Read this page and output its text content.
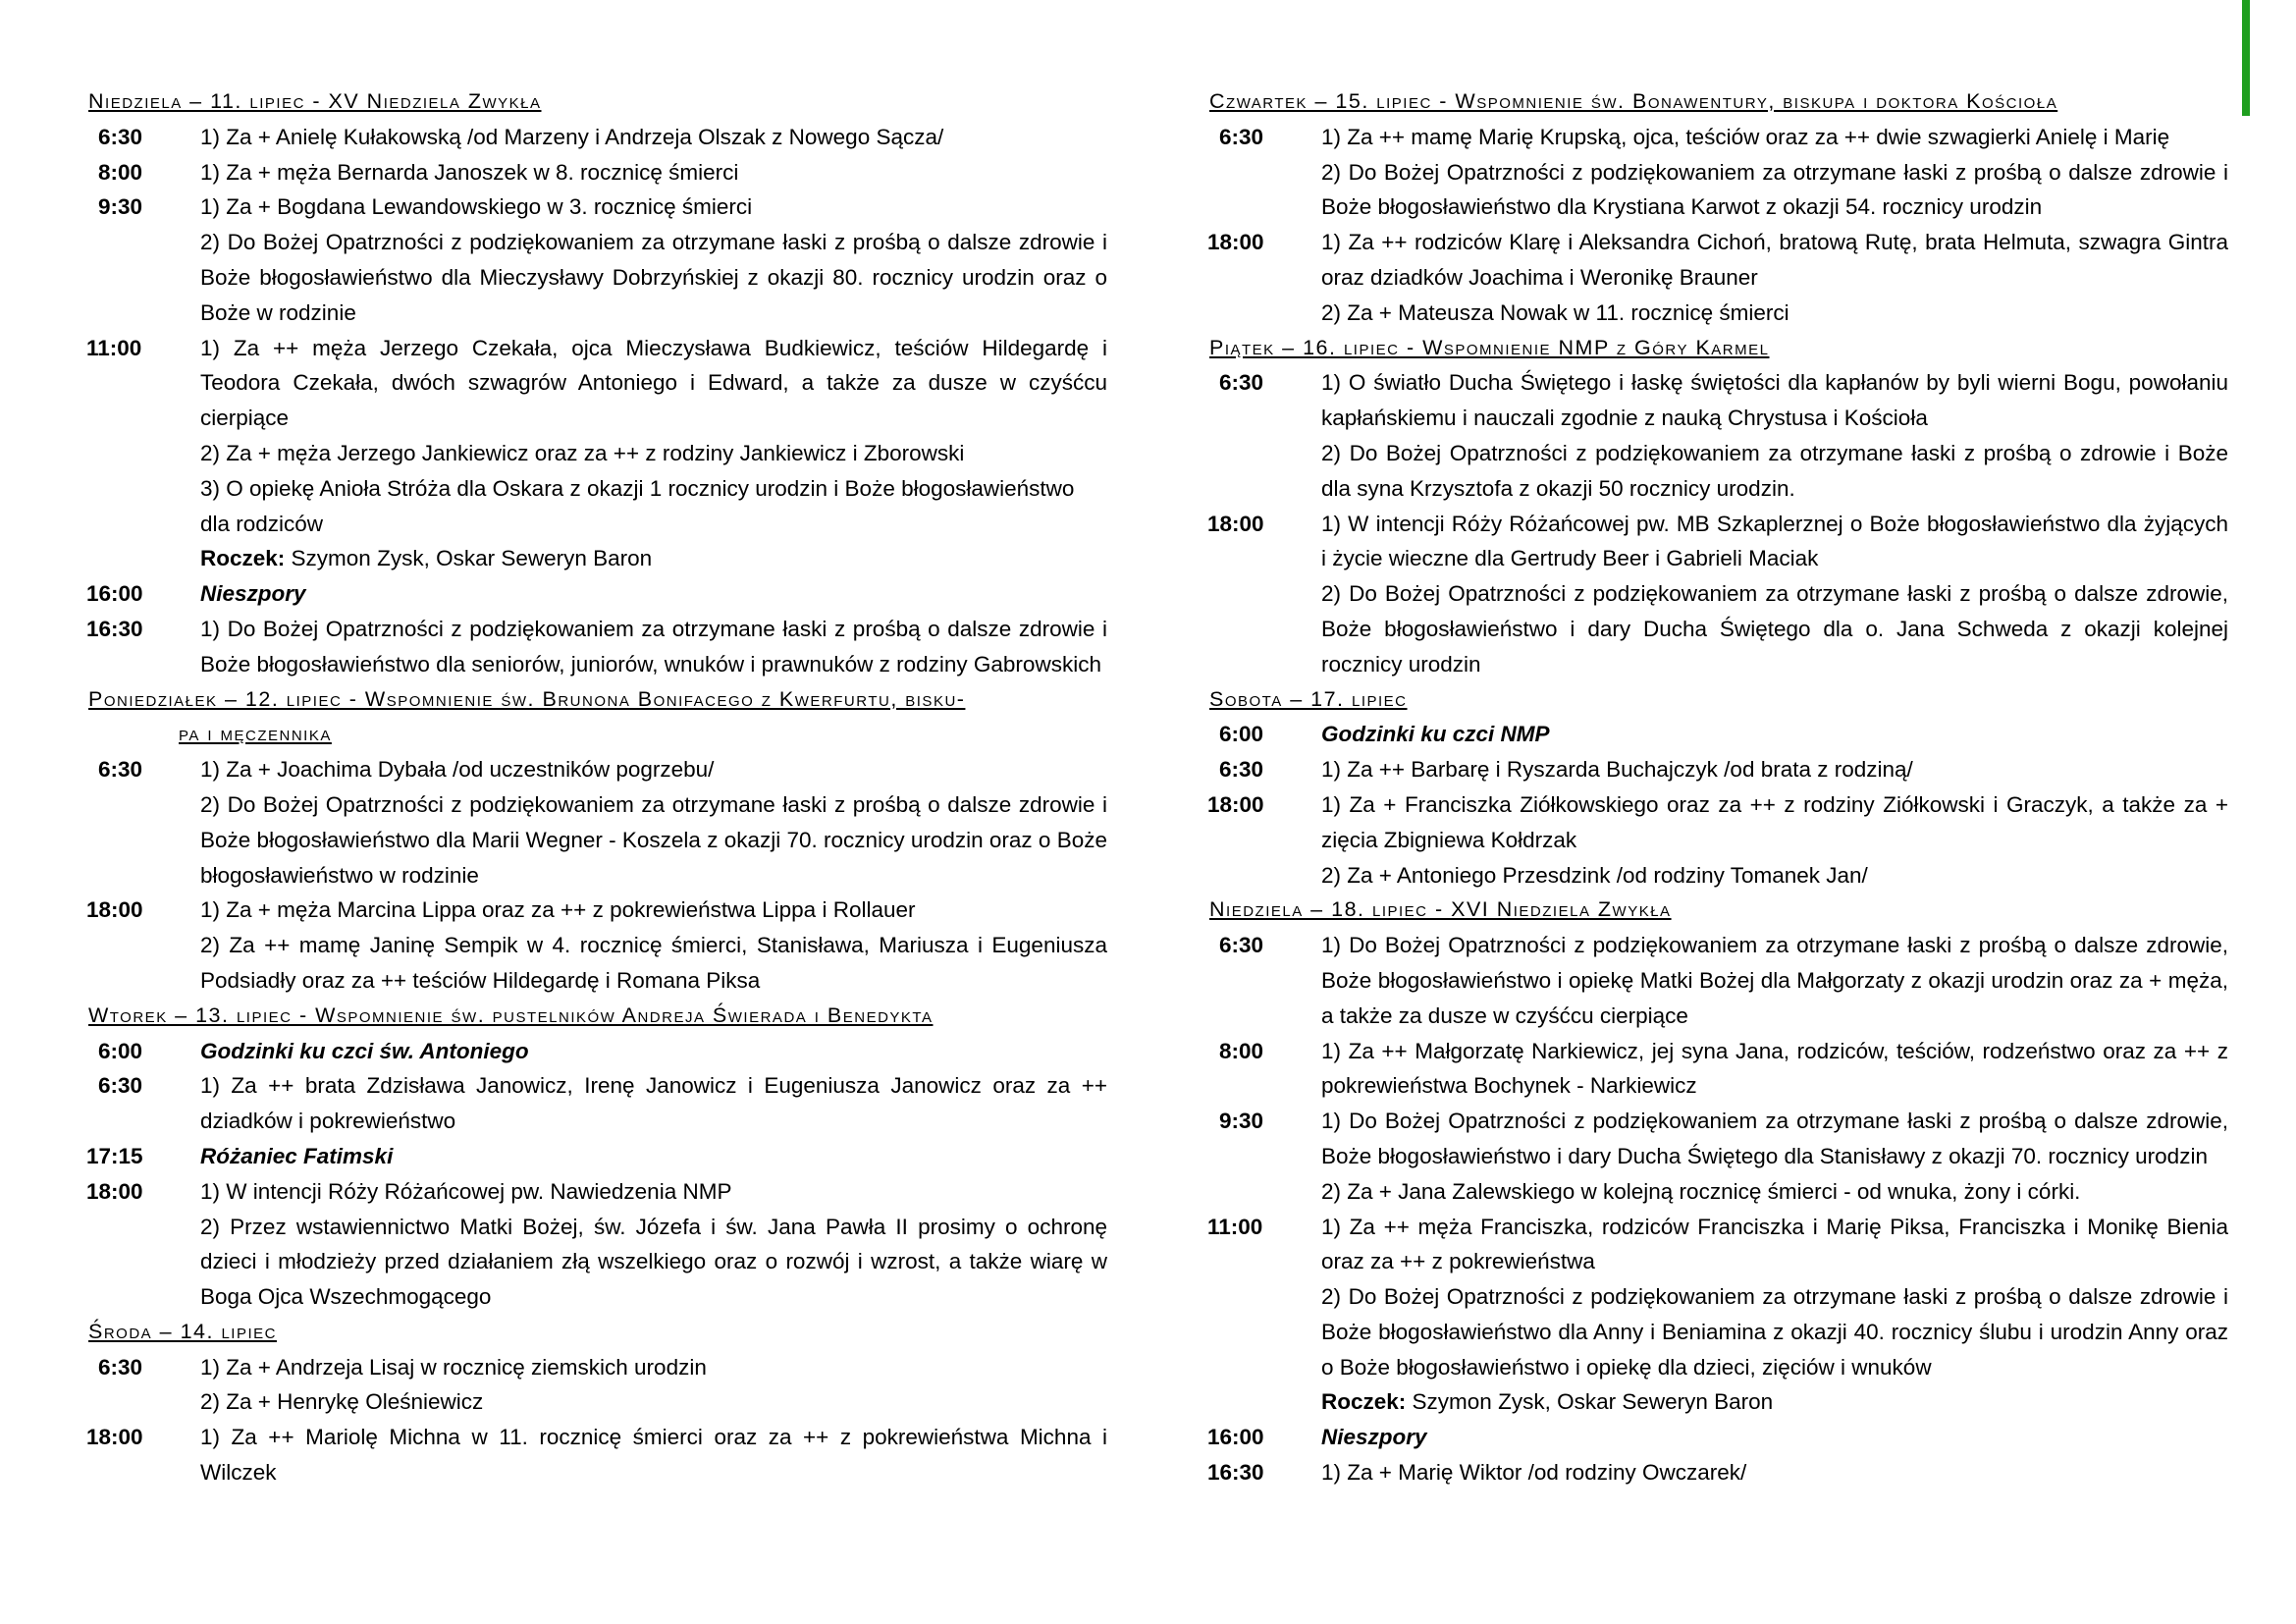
Niedziela – 11. lipiec - XV Niedziela Zwykła
6:30	1) Za + Anielę Kułakowską /od Marzeny i Andrzeja Olszak z Nowego Sącza/
8:00	1) Za + męża Bernarda Janoszek w 8. rocznicę śmierci
9:30	1) Za + Bogdana Lewandowskiego w 3. rocznicę śmierci
2) Do Bożej Opatrzności z podziękowaniem za otrzymane łaski z prośbą o dalsze zdrowie i Boże błogosławieństwo dla Mieczysławy Dobrzyńskiej z okazji 80. rocznicy urodzin oraz o Boże w rodzinie
11:00	1) Za ++ męża Jerzego Czekała, ojca Mieczysława Budkiewicz, teściów Hildegardę i Teodora Czekała, dwóch szwagrów Antoniego i Edward, a także za dusze w czyśćcu cierpiące
2) Za + męża Jerzego Jankiewicz oraz za ++ z rodziny Jankiewicz i Zborowski
3) O opiekę Anioła Stróża dla Oskara z okazji 1 rocznicy urodzin i Boże błogosławieństwo
dla rodziców
Roczek: Szymon Zysk, Oskar Seweryn Baron
16:00	Nieszpory
16:30	1) Do Bożej Opatrzności z podziękowaniem za otrzymane łaski z prośbą o dalsze zdrowie i Boże błogosławieństwo dla seniorów, juniorów, wnuków i prawnuków z rodziny Gabrowskich
Poniedziałek – 12. lipiec - Wspomnienie św. Brunona Bonifacego z Kwerfurtu, bisku-
pa i męczennika
6:30	1) Za + Joachima Dybała /od uczestników pogrzebu/
2) Do Bożej Opatrzności z podziękowaniem za otrzymane łaski z prośbą o dalsze zdrowie i Boże błogosławieństwo dla Marii Wegner - Koszela z okazji 70. rocznicy urodzin oraz o Boże błogosławieństwo w rodzinie
18:00	1) Za + męża Marcina Lippa oraz za ++ z pokrewieństwa Lippa i Rollauer
2) Za ++ mamę Janinę Sempik w 4. rocznicę śmierci, Stanisława, Mariusza i Eugeniusza Podsiadły oraz za ++ teściów Hildegardę i Romana Piksa
Wtorek – 13. lipiec - Wspomnienie św. pustelników Andreja Świerada i Benedykta
6:00	Godzinki ku czci św. Antoniego
6:30	1) Za ++ brata Zdzisława Janowicz, Irenę Janowicz i Eugeniusza Janowicz oraz za ++ dziadków i pokrewieństwo
17:15	Różaniec Fatimski
18:00	1) W intencji Róży Różańcowej pw. Nawiedzenia NMP
2) Przez wstawiennictwo Matki Bożej, św. Józefa i św. Jana Pawła II prosimy o ochronę dzieci i młodzieży przed działaniem złą wszelkiego oraz o rozwój i wzrost, a także wiarę w Boga Ojca Wszechmogącego
Środa – 14. lipiec
6:30	1) Za + Andrzeja Lisaj w rocznicę ziemskich urodzin
2) Za + Henrykę Oleśniewicz
18:00	1) Za ++ Mariolę Michna w 11. rocznicę śmierci oraz za ++ z pokrewieństwa Michna i Wilczek
Czwartek – 15. lipiec - Wspomnienie św. Bonawentury, biskupa i doktora Kościoła
6:30	1) Za ++ mamę Marię Krupską, ojca, teściów oraz za ++ dwie szwagierki Anielę i Marię
2) Do Bożej Opatrzności z podziękowaniem za otrzymane łaski z prośbą o dalsze zdrowie i Boże błogosławieństwo dla Krystiana Karwot z okazji 54. rocznicy urodzin
18:00	1) Za ++ rodziców Klarę i Aleksandra Cichoń, bratową Rutę, brata Helmuta, szwagra Gintra oraz dziadków Joachima i Weronikę Brauner
2) Za + Mateusza Nowak w 11. rocznicę śmierci
Piątek – 16. lipiec - Wspomnienie NMP z Góry Karmel
6:30	1) O światło Ducha Świętego i łaskę świętości dla kapłanów by byli wierni Bogu, powołaniu kapłańskiemu i nauczali zgodnie z nauką Chrystusa i Kościoła
2) Do Bożej Opatrzności z podziękowaniem za otrzymane łaski z prośbą o zdrowie i Boże dla syna Krzysztofa z okazji 50 rocznicy urodzin.
18:00	1) W intencji Róży Różańcowej pw. MB Szkaplerznej o Boże błogosławieństwo dla żyjących i życie wieczne dla Gertrudy Beer i Gabrieli Maciak
2) Do Bożej Opatrzności z podziękowaniem za otrzymane łaski z prośbą o dalsze zdrowie, Boże błogosławieństwo i dary Ducha Świętego dla o. Jana Schweda z okazji kolejnej rocznicy urodzin
Sobota – 17. lipiec
6:00	Godzinki ku czci NMP
6:30	1) Za ++ Barbarę i Ryszarda Buchajczyk /od brata z rodziną/
18:00	1) Za + Franciszka Ziółkowskiego oraz za ++ z rodziny Ziółkowski i Graczyk, a także za + zięcia Zbigniewa Kołdrzak
2) Za + Antoniego Przesdzink /od rodziny Tomanek Jan/
Niedziela – 18. lipiec - XVI Niedziela Zwykła
6:30	1) Do Bożej Opatrzności z podziękowaniem za otrzymane łaski z prośbą o dalsze zdrowie, Boże błogosławieństwo i opiekę Matki Bożej dla Małgorzaty z okazji urodzin oraz za + męża, a także za dusze w czyśćcu cierpiące
8:00	1) Za ++ Małgorzatę Narkiewicz, jej syna Jana, rodziców, teściów, rodzeństwo oraz za ++ z pokrewieństwa Bochynek - Narkiewicz
9:30	1) Do Bożej Opatrzności z podziękowaniem za otrzymane łaski z prośbą o dalsze zdrowie, Boże błogosławieństwo i dary Ducha Świętego dla Stanisławy z okazji 70. rocznicy urodzin
2) Za + Jana Zalewskiego w kolejną rocznicę śmierci - od wnuka, żony i córki.
11:00	1) Za ++ męża Franciszka, rodziców Franciszka i Marię Piksa, Franciszka i Monikę Bienia oraz za ++ z pokrewieństwa
2) Do Bożej Opatrzności z podziękowaniem za otrzymane łaski z prośbą o dalsze zdrowie i Boże błogosławieństwo dla Anny i Beniamina z okazji 40. rocznicy ślubu i urodzin Anny oraz o Boże błogosławieństwo i opiekę dla dzieci, zięciów i wnuków
Roczek: Szymon Zysk, Oskar Seweryn Baron
16:00	Nieszpory
16:30	1) Za + Marię Wiktor /od rodziny Owczarek/
